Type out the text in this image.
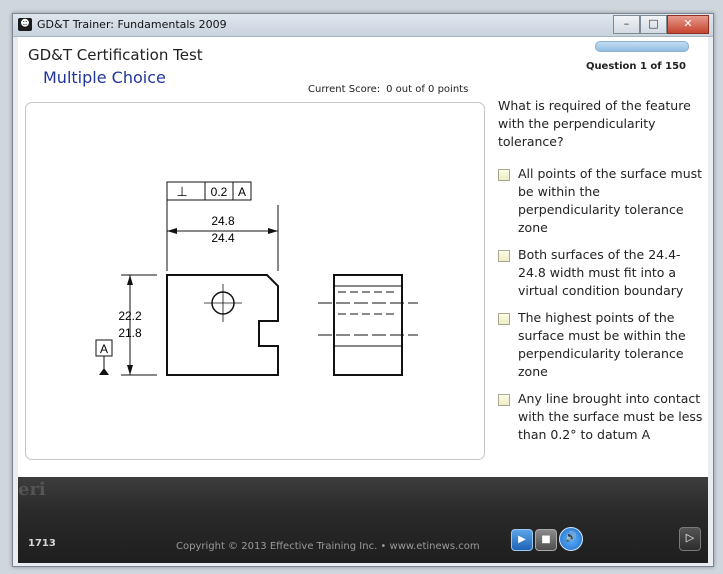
☻ GD&T Trainer: Fundamentals 2009	–	□	✕
GD&T Certification Test
Multiple Choice
Question 1 of 150
Current Score: 0 out of 0 points
⊥ 0.2 A
24.8
24.4
22.2
21.8
A
What is required of the feature with the perpendicularity tolerance?
All points of the surface must be within the perpendicularity tolerance zone
Both surfaces of the 24.4-24.8 width must fit into a virtual condition boundary
The highest points of the surface must be within the perpendicularity tolerance zone
Any line brought into contact with the surface must be less than 0.2° to datum A
eri
1713	Copyright © 2013 Effective Training Inc. • www.etinews.com
▶	■	🔊	▷
